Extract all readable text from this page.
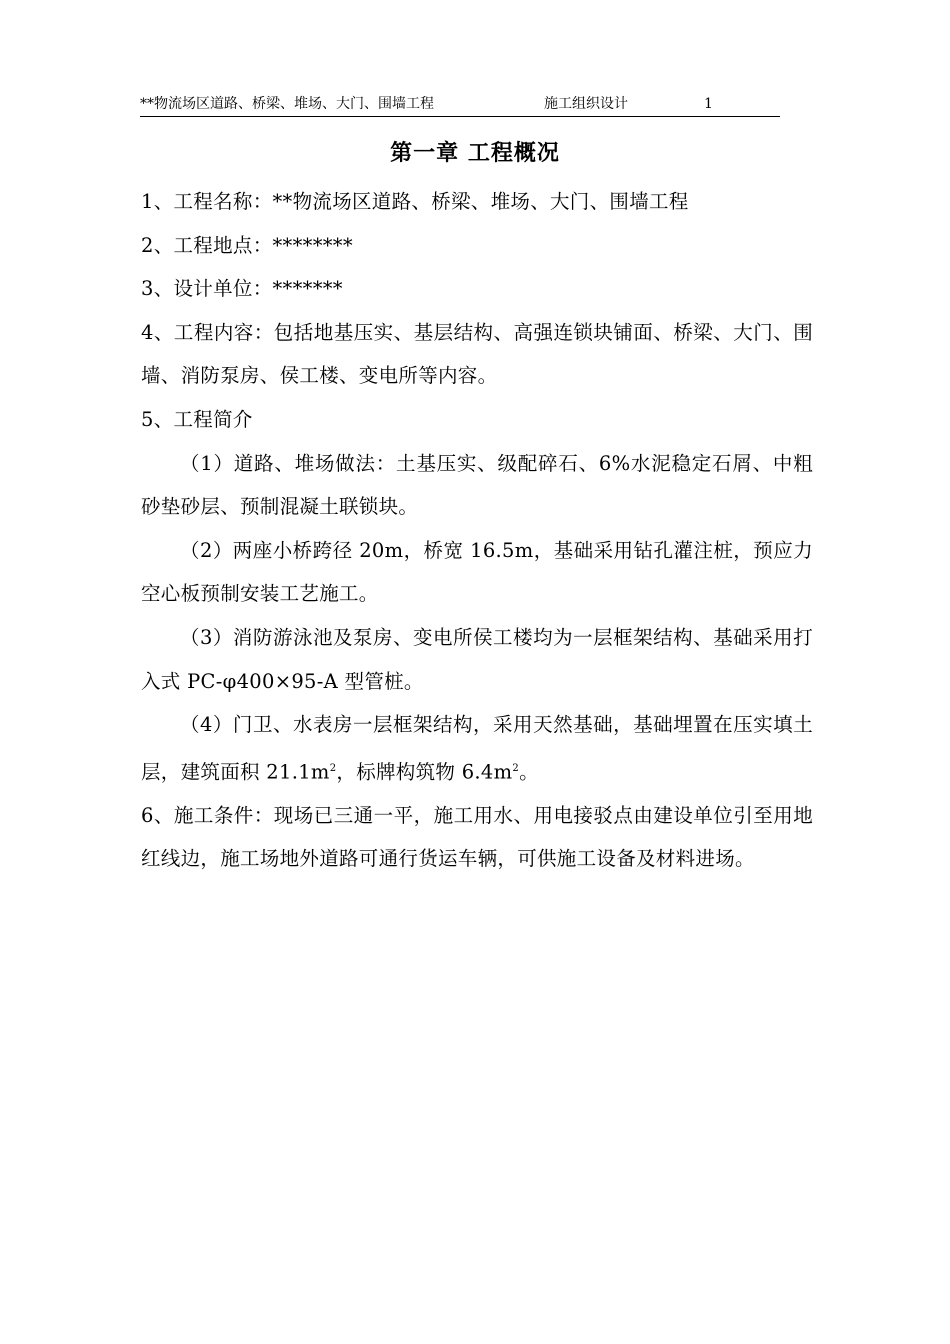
**物流场区道路、桥梁、堆场、大门、围墙工程	施工组织设计	1
第一章 工程概况

1、工程名称：**物流场区道路、桥梁、堆场、大门、围墙工程

2、工程地点：********

3、设计单位：*******

4、工程内容：包括地基压实、基层结构、高强连锁块铺面、桥梁、大门、围墙、消防泵房、侯工楼、变电所等内容。

5、工程简介

（1）道路、堆场做法：土基压实、级配碎石、6%水泥稳定石屑、中粗砂垫砂层、预制混凝土联锁块。

（2）两座小桥跨径 20m，桥宽 16.5m，基础采用钻孔灌注桩，预应力空心板预制安装工艺施工。

（3）消防游泳池及泵房、变电所侯工楼均为一层框架结构、基础采用打入式 PC-φ400×95-A 型管桩。

（4）门卫、水表房一层框架结构，采用天然基础，基础埋置在压实填土层，建筑面积 $21.1m^2$，标牌构筑物 $6.4m^2$。

6、施工条件：现场已三通一平，施工用水、用电接驳点由建设单位引至用地红线边，施工场地外道路可通行货运车辆，可供施工设备及材料进场。
